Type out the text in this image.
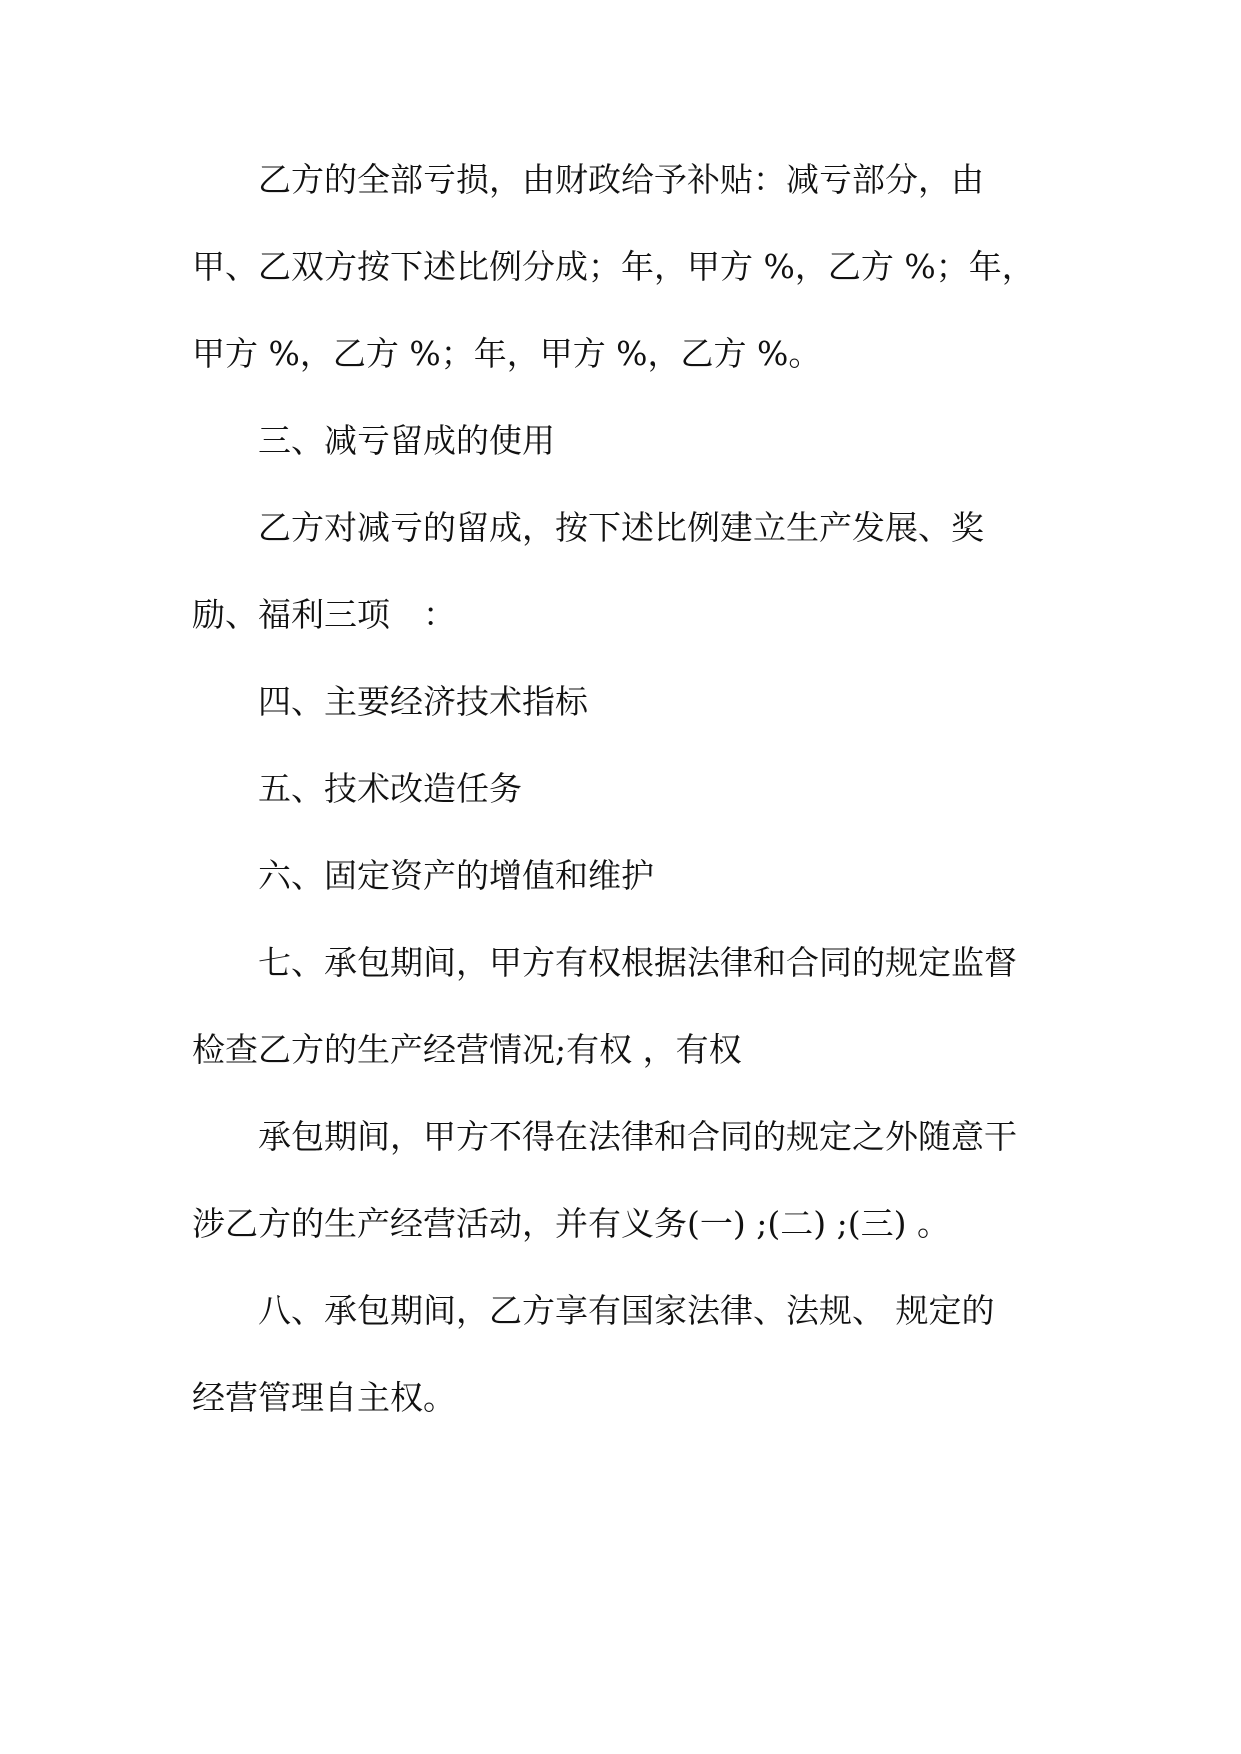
乙方的全部亏损，由财政给予补贴：减亏部分，由
甲、乙双方按下述比例分成；年，甲方 %，乙方 %；年，
甲方 %，乙方 %；年，甲方 %，乙方 %。
三、减亏留成的使用
乙方对减亏的留成，按下述比例建立生产发展、奖
励、福利三项　：
四、主要经济技术指标
五、技术改造任务
六、固定资产的增值和维护
七、承包期间，甲方有权根据法律和合同的规定监督
检查乙方的生产经营情况;有权 ，有权
承包期间，甲方不得在法律和合同的规定之外随意干
涉乙方的生产经营活动，并有义务(一) ;(二) ;(三) 。
八、承包期间，乙方享有国家法律、法规、 规定的
经营管理自主权。
